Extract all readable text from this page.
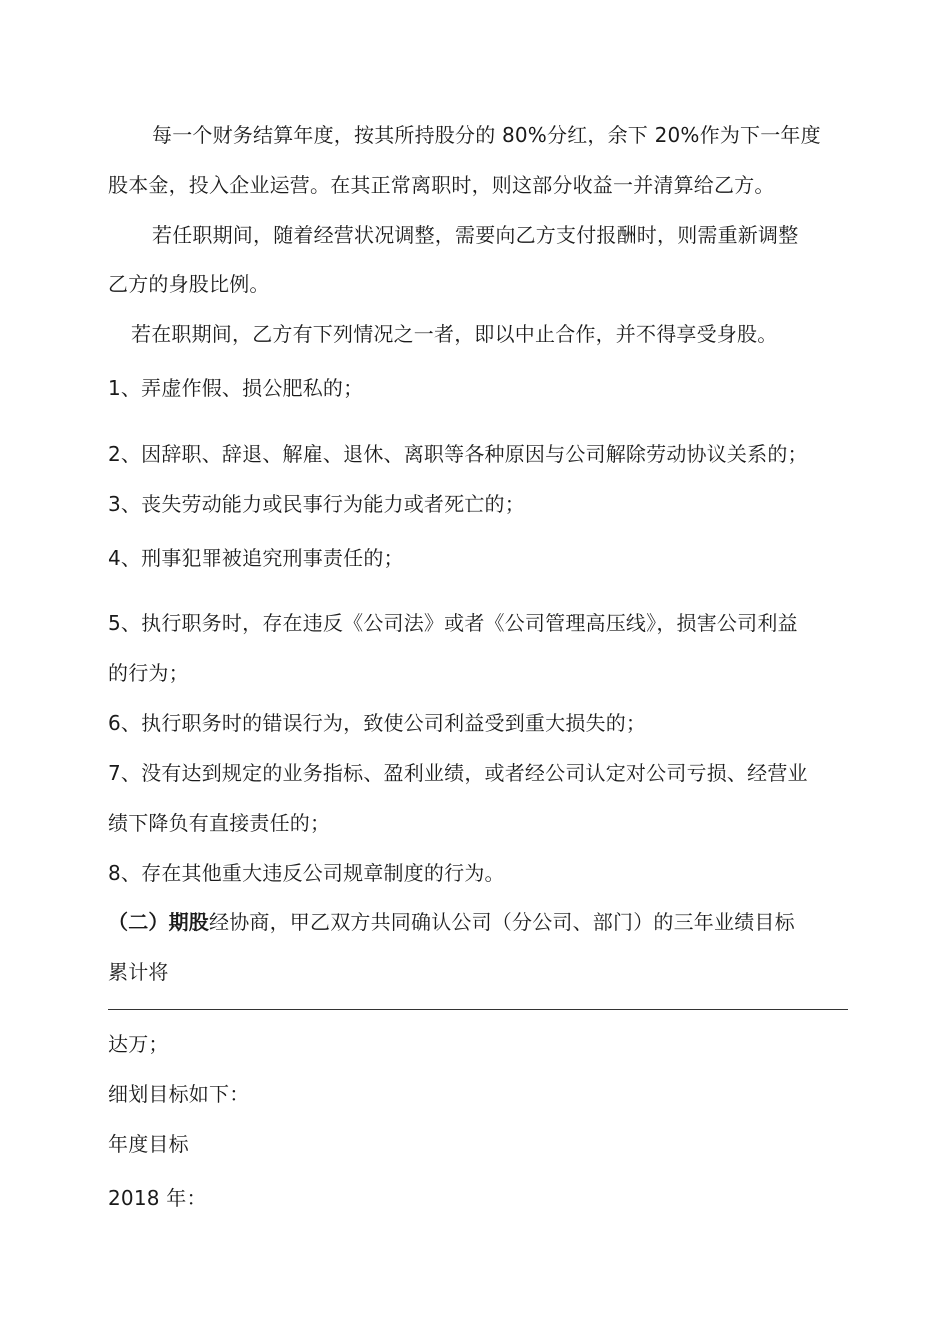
每一个财务结算年度，按其所持股分的 80%分红，余下 20%作为下一年度
股本金，投入企业运营。在其正常离职时，则这部分收益一并清算给乙方。
若任职期间，随着经营状况调整，需要向乙方支付报酬时，则需重新调整
乙方的身股比例。
若在职期间，乙方有下列情况之一者，即以中止合作，并不得享受身股。
1、弄虚作假、损公肥私的；
2、因辞职、辞退、解雇、退休、离职等各种原因与公司解除劳动协议关系的；
3、丧失劳动能力或民事行为能力或者死亡的；
4、刑事犯罪被追究刑事责任的；
5、执行职务时，存在违反《公司法》或者《公司管理高压线》，损害公司利益
的行为；
6、执行职务时的错误行为，致使公司利益受到重大损失的；
7、没有达到规定的业务指标、盈利业绩，或者经公司认定对公司亏损、经营业
绩下降负有直接责任的；
8、存在其他重大违反公司规章制度的行为。
（二）期股经协商，甲乙双方共同确认公司（分公司、部门）的三年业绩目标
累计将
达万；
细划目标如下：
年度目标
2018 年：
